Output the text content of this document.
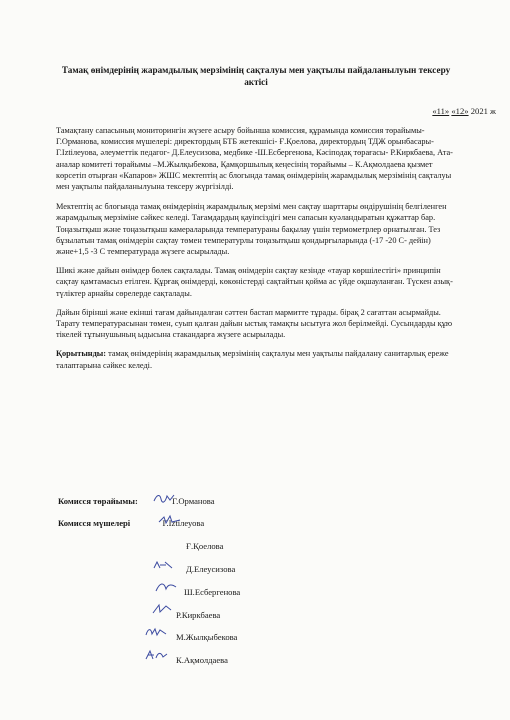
Тамақ өнімдерінің жарамдылық мерзімінің сақталуы мен уақтылы пайдаланылуын тексеру актісі
«11» «12» 2021 ж

Тамақтану сапасының мониторингін жүзеге асыру бойынша комиссия, құрамында комиссия төрайымы- Г.Орманова, комиссия мүшелері: директордың БТБ жетекшісі- Ғ.Қоелова, директордың ТДЖ орынбасары- Г.Іztілеуова, әлеуметтік педагог- Д.Елеусизова, медбике -Ш.Есбергенова, Кәсіподақ төрағасы- Р.Киркбаева, Ата-аналар комитеті төрайымы –М.Жылқыбекова, Қамқоршылық кеңесінің төрайымы – К.Ақмолдаева қызмет көрсетіп отырған «Капаров» ЖШС мектептің ас блогында тамақ өнімдерінің жарамдылық мерзімінің сақталуы мен уақтылы пайдаланылуына тексеру жүргізілді.

Мектептің ас блогында тамақ өнімдерінің жарамдылық мерзімі мен сақтау шарттары өндірушінің белгіленген жарамдылық мерзіміне сәйкес келеді. Тағамдардың қауіпсіздігі мен сапасын куәландыратын құжаттар бар. Тоңазытқыш және тоңазытқыш камераларында температураны бақылау үшін термометрлер орнатылған. Тез бұзылатын тамақ өнімдерін сақтау төмен температурлы тоңазытқыш қондырғыларында (-17 -20 С- дейін) және+1,5 -3 С температурада жүзеге асырылады.

Шикі және дайын өнімдер бөлек сақталады. Тамақ өнімдерін сақтау кезінде «тауар көршілестігі» принципін сақтау қамтамасыз етілген. Құрғақ өнімдерді, көкөністерді сақтайтын қойма ас үйде оқшауланған. Түскен азық-түліктер арнайы сөрелерде сақталады.

Дайын бірінші және екінші тағам дайындалған сәттен бастап мармитте тұрады. бірақ 2 сағаттан асырмайды. Тарату температурасынан төмен, суып қалған дайын ыстық тамақты ысытуға жол берілмейді. Сусындарды құю тікелей тұтынушының ыдысына стакандарға жүзеге асырылады.

Қорытынды: тамақ өнімдерінің жарамдылық мерзімінің сақталуы мен уақтылы пайдалану санитарлық ереже талаптарына сәйкес келеді.

Комисся төрайымы:	Г.Орманова
Комисся мүшелері	Г.Іztілеуова
Ғ.Қоелова
Д.Елеусизова
Ш.Есбергенова
Р.Киркбаева
М.Жылқыбекова
К.Ақмолдаева
